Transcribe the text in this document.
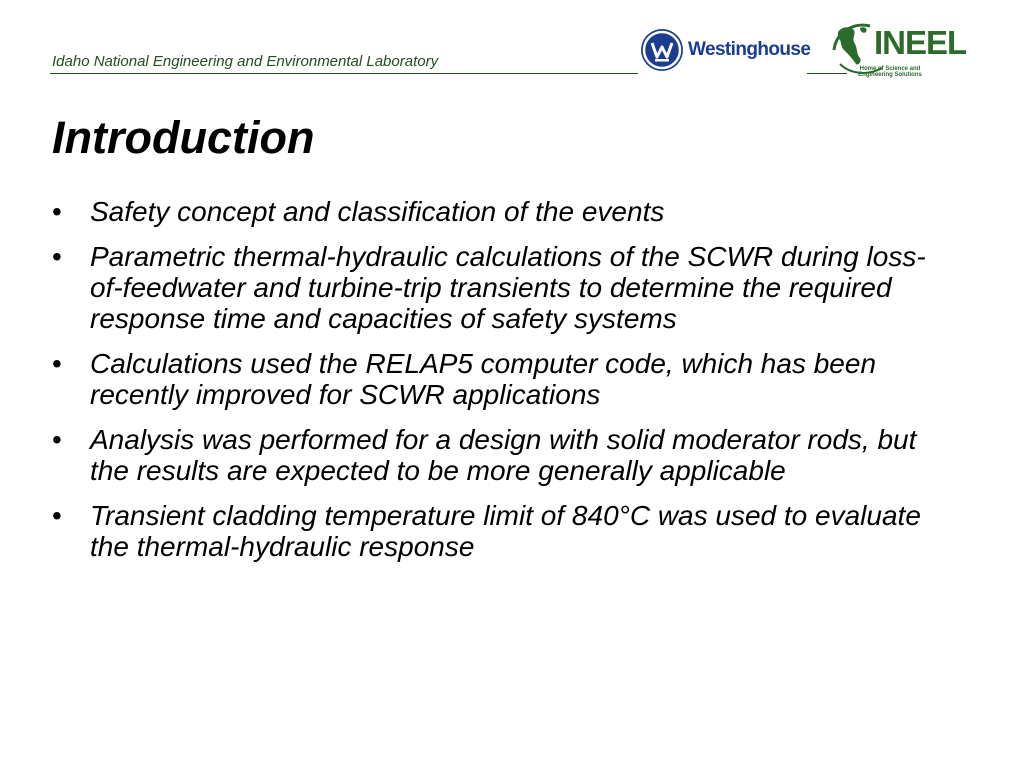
Idaho National Engineering and Environmental Laboratory
Westinghouse INEEL
Home of Science and Engineering Solutions
Introduction
•	Safety concept and classification of the events
•	Parametric thermal-hydraulic calculations of the SCWR during loss-of-feedwater and turbine-trip transients to determine the required response time and capacities of safety systems
•	Calculations used the RELAP5 computer code, which has been recently improved for SCWR applications
•	Analysis was performed for a design with solid moderator rods, but the results are expected to be more generally applicable
•	Transient cladding temperature limit of 840°C was used to evaluate the thermal-hydraulic response
